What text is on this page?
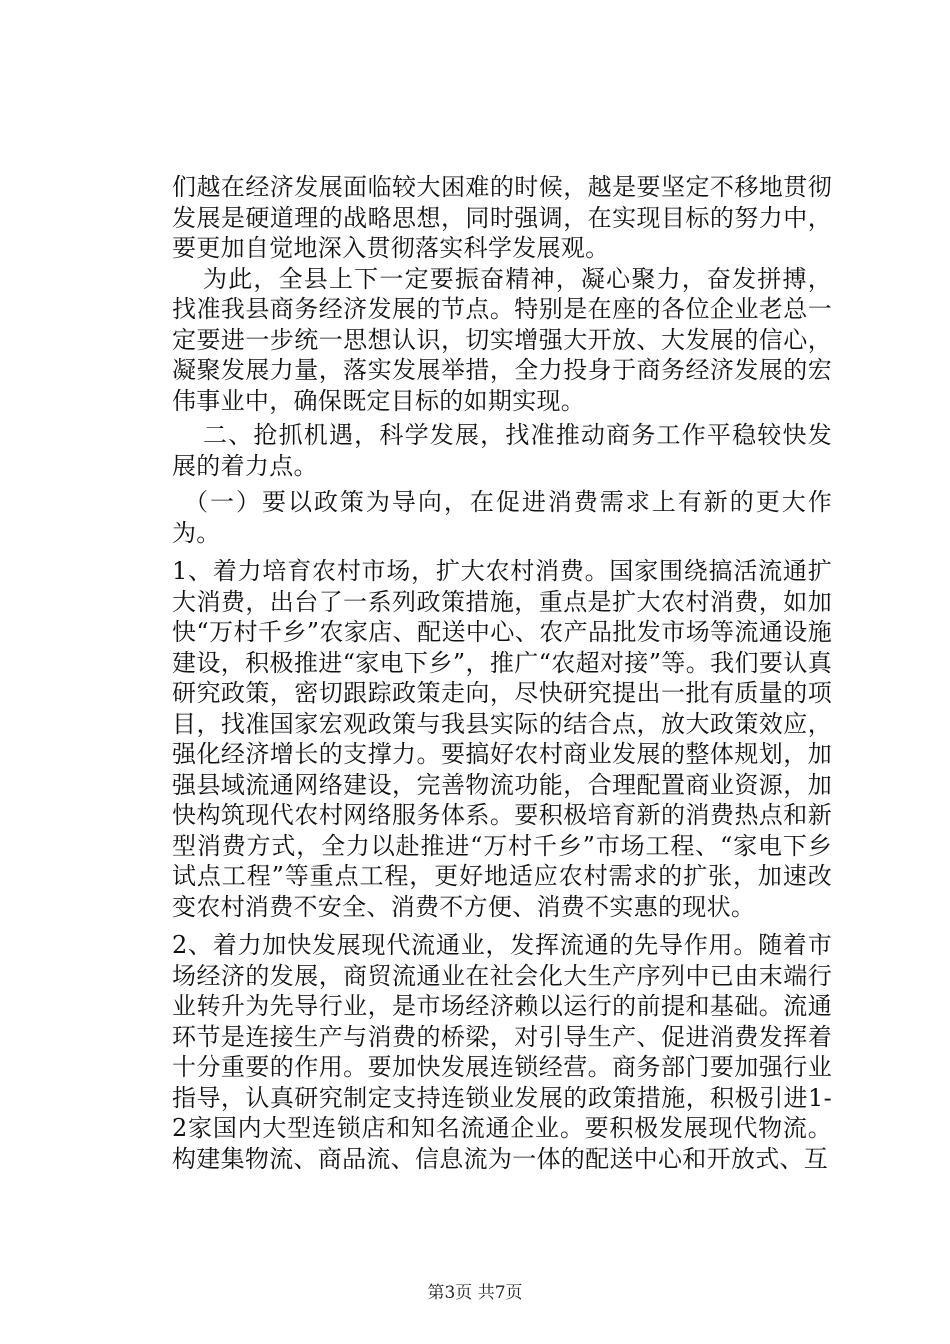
们越在经济发展面临较大困难的时候，越是要坚定不移地贯彻发展是硬道理的战略思想，同时强调，在实现目标的努力中，要更加自觉地深入贯彻落实科学发展观。

为此，全县上下一定要振奋精神，凝心聚力，奋发拼搏，找准我县商务经济发展的节点。特别是在座的各位企业老总一定要进一步统一思想认识，切实增强大开放、大发展的信心，凝聚发展力量，落实发展举措，全力投身于商务经济发展的宏伟事业中，确保既定目标的如期实现。

二、抢抓机遇，科学发展，找准推动商务工作平稳较快发展的着力点。

（一）要以政策为导向，在促进消费需求上有新的更大作为。

1、着力培育农村市场，扩大农村消费。国家围绕搞活流通扩大消费，出台了一系列政策措施，重点是扩大农村消费，如加快“万村千乡”农家店、配送中心、农产品批发市场等流通设施建设，积极推进“家电下乡”，推广“农超对接”等。我们要认真研究政策，密切跟踪政策走向，尽快研究提出一批有质量的项目，找准国家宏观政策与我县实际的结合点，放大政策效应，强化经济增长的支撑力。要搞好农村商业发展的整体规划，加强县域流通网络建设，完善物流功能，合理配置商业资源，加快构筑现代农村网络服务体系。要积极培育新的消费热点和新型消费方式，全力以赴推进“万村千乡”市场工程、“家电下乡试点工程”等重点工程，更好地适应农村需求的扩张，加速改变农村消费不安全、消费不方便、消费不实惠的现状。

2、着力加快发展现代流通业，发挥流通的先导作用。随着市场经济的发展，商贸流通业在社会化大生产序列中已由末端行业转升为先导行业，是市场经济赖以运行的前提和基础。流通环节是连接生产与消费的桥梁，对引导生产、促进消费发挥着十分重要的作用。要加快发展连锁经营。商务部门要加强行业指导，认真研究制定支持连锁业发展的政策措施，积极引进1-2家国内大型连锁店和知名流通企业。要积极发展现代物流。构建集物流、商品流、信息流为一体的配送中心和开放式、互

第3页 共7页
